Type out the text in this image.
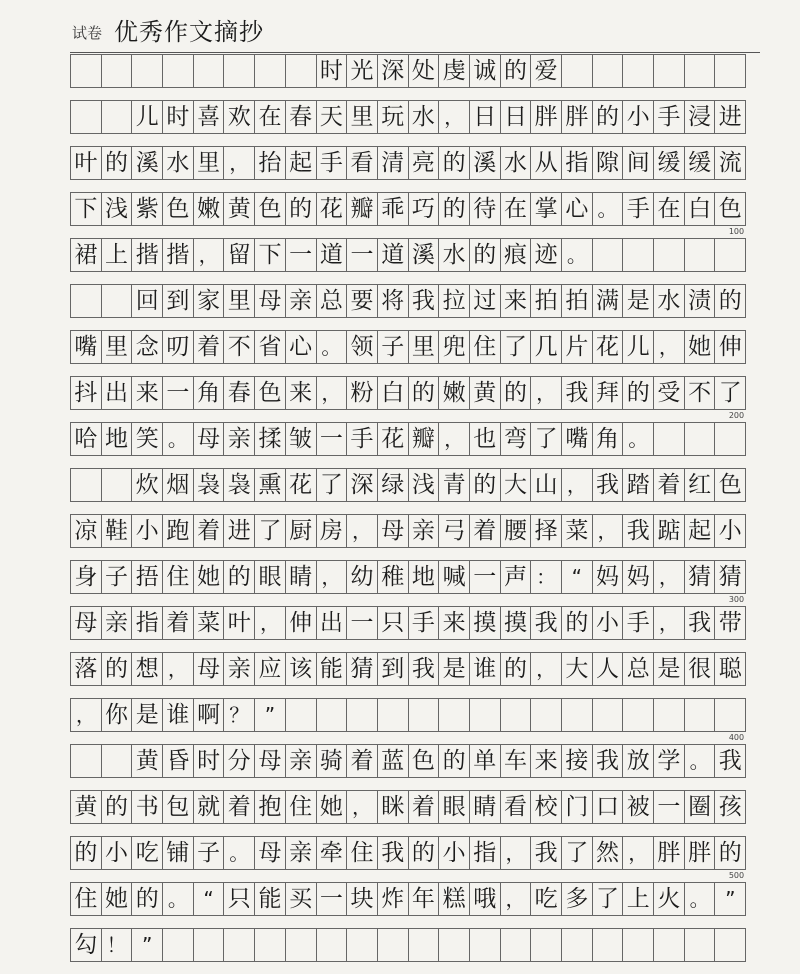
试卷 优秀作文摘抄
时 光 深 处 虔 诚 的 爱
儿 时 喜 欢 在 春 天 里 玩 水 ， 日 日 胖 胖 的 小 手 浸 进
叶 的 溪 水 里 ， 抬 起 手 看 清 亮 的 溪 水 从 指 隙 间 缓 缓 流
下 浅 紫 色 嫩 黄 色 的 花 瓣 乖 巧 的 待 在 掌 心 。 手 在 白 色
100
裙 上 揩 揩 ， 留 下 一 道 一 道 溪 水 的 痕 迹 。
回 到 家 里 母 亲 总 要 将 我 拉 过 来 拍 拍 满 是 水 渍 的
嘴 里 念 叨 着 不 省 心 。 领 子 里 兜 住 了 几 片 花 儿 ， 她 伸
抖 出 来 一 角 春 色 来 ， 粉 白 的 嫩 黄 的 ， 我 拜 的 受 不 了
200
哈 地 笑 。 母 亲 揉 皱 一 手 花 瓣 ， 也 弯 了 嘴 角 。
炊 烟 袅 袅 熏 花 了 深 绿 浅 青 的 大 山 ， 我 踏 着 红 色
凉 鞋 小 跑 着 进 了 厨 房 ， 母 亲 弓 着 腰 择 菜 ， 我 踮 起 小
身 子 捂 住 她 的 眼 睛 ， 幼 稚 地 喊 一 声 ： “ 妈 妈 ， 猜 猜
300
母 亲 指 着 菜 叶 ， 伸 出 一 只 手 来 摸 摸 我 的 小 手 ， 我 带
落 的 想 ， 母 亲 应 该 能 猜 到 我 是 谁 的 ， 大 人 总 是 很 聪
， 你 是 谁 啊 ？ ”
400
黄 昏 时 分 母 亲 骑 着 蓝 色 的 单 车 来 接 我 放 学 。 我
黄 的 书 包 就 着 抱 住 她 ， 眯 着 眼 睛 看 校 门 口 被 一 圈 孩
的 小 吃 铺 子 。 母 亲 牵 住 我 的 小 指 ， 我 了 然 ， 胖 胖 的
500
住 她 的 。 “ 只 能 买 一 块 炸 年 糕 哦 ， 吃 多 了 上 火 。 ”
勾 ！ ”
